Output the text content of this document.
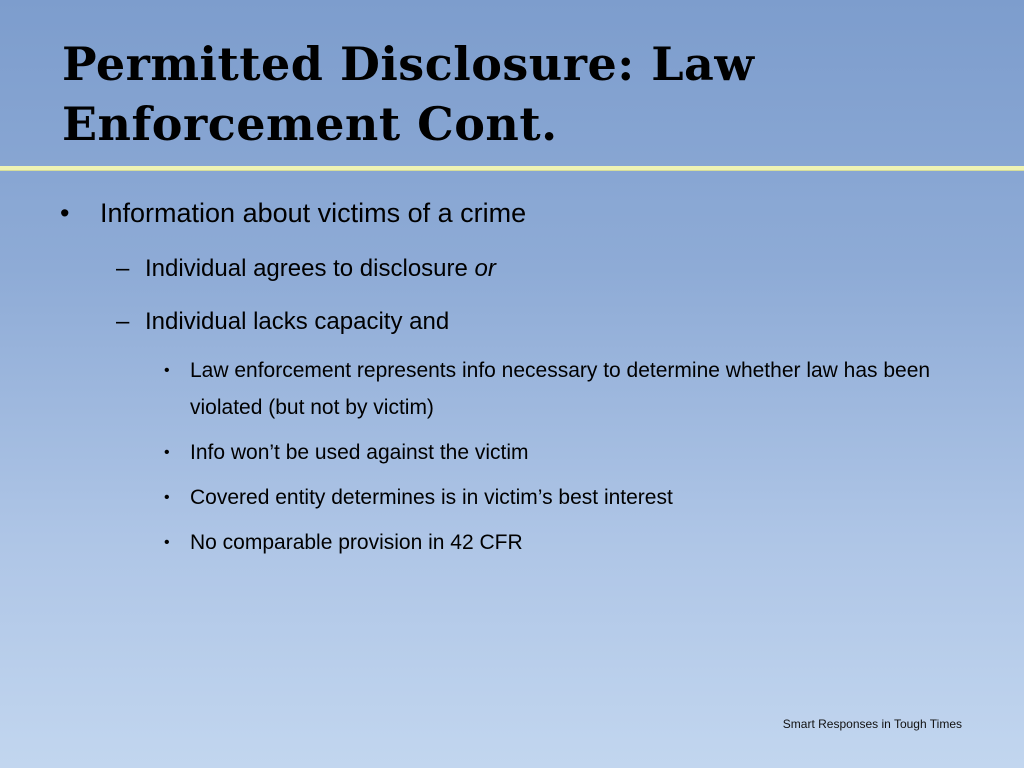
Permitted Disclosure: Law
Enforcement Cont.
•	Information about victims of a crime
– Individual agrees to disclosure or
– Individual lacks capacity and
• Law enforcement represents info necessary to determine whether law has been violated (but not by victim)
• Info won’t be used against the victim
• Covered entity determines is in victim’s best interest
• No comparable provision in 42 CFR
Smart Responses in Tough Times
